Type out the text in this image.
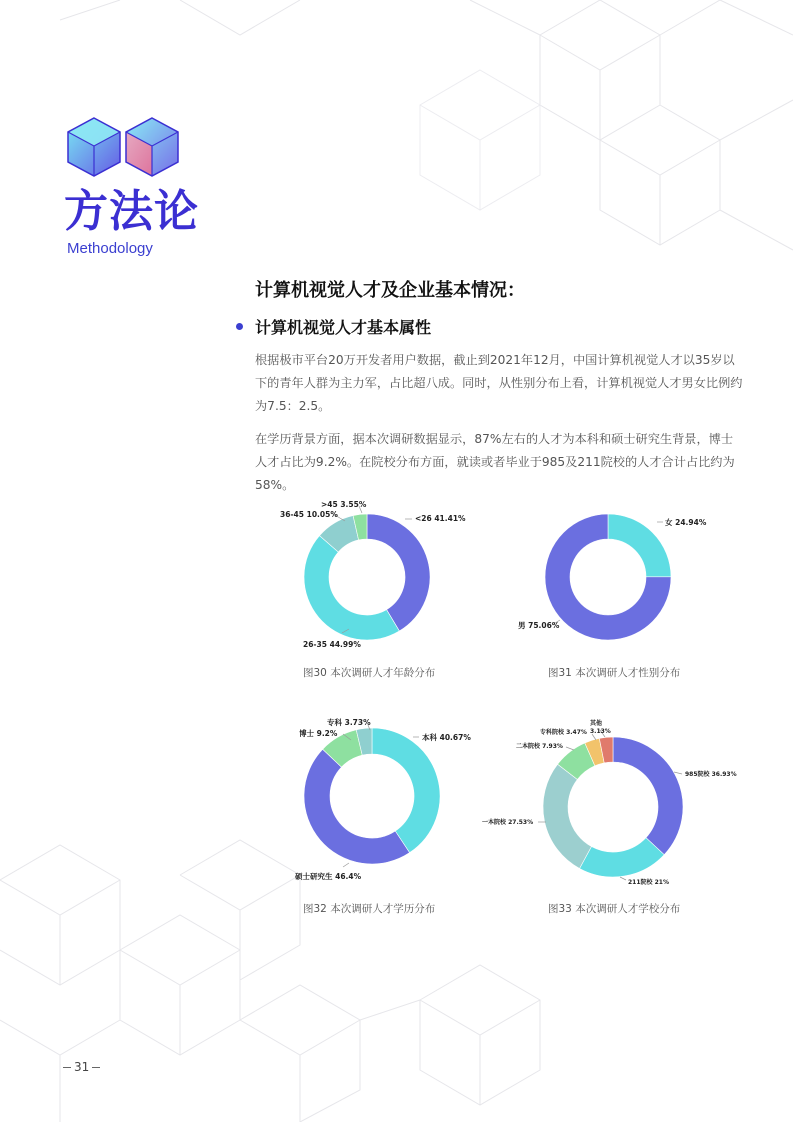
方法论
Methodology
计算机视觉人才及企业基本情况：
计算机视觉人才基本属性
根据极市平台20万开发者用户数据，截止到2021年12月，中国计算机视觉人才以35岁以下的青年人群为主力军，占比超八成。同时，从性别分布上看，计算机视觉人才男女比例约为7.5：2.5。
在学历背景方面，据本次调研数据显示，87%左右的人才为本科和硕士研究生背景，博士人才占比为9.2%。在院校分布方面，就读或者毕业于985及211院校的人才合计占比约为58%。
<26 41.41%
26-35 44.99%
36-45 10.05%
>45 3.55%
图30 本次调研人才年龄分布
女 24.94%
男 75.06%
图31 本次调研人才性别分布
本科 40.67%
硕士研究生 46.4%
博士 9.2%
专科 3.73%
图32 本次调研人才学历分布
985院校 36.93%
211院校 21%
一本院校 27.53%
二本院校 7.93%
专科院校 3.47%
其他
3.13%
图33 本次调研人才学校分布
31
